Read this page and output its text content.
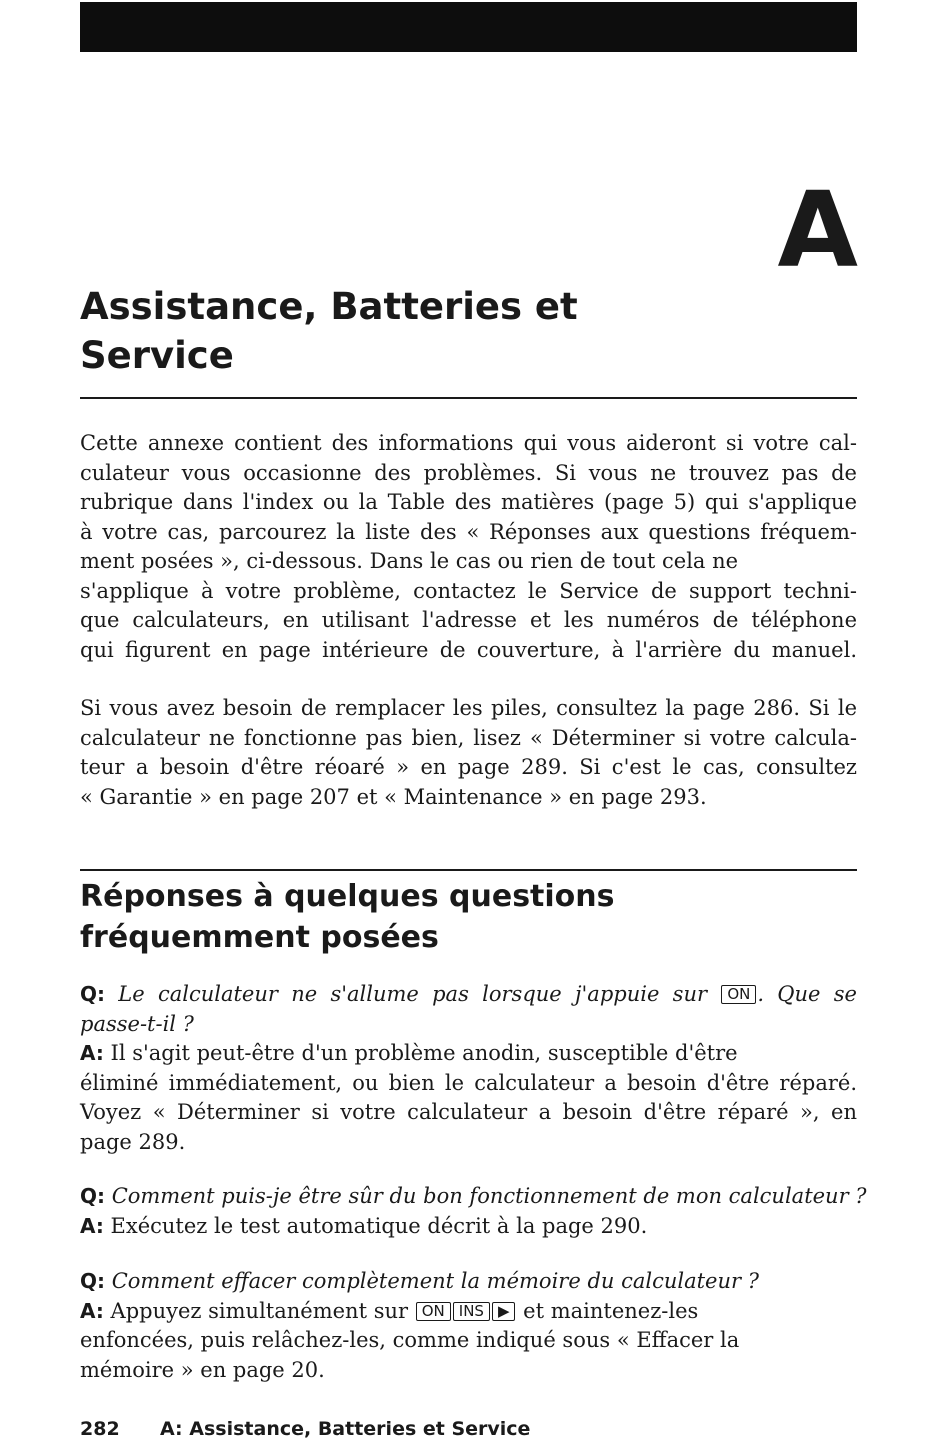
A
Assistance, Batteries et
Service

Cette annexe contient des informations qui vous aideront si votre cal-
culateur vous occasionne des problèmes. Si vous ne trouvez pas de
rubrique dans l'index ou la Table des matières (page 5) qui s'applique
à votre cas, parcourez la liste des « Réponses aux questions fréquem-
ment posées », ci-dessous. Dans le cas ou rien de tout cela ne
s'applique à votre problème, contactez le Service de support techni-
que calculateurs, en utilisant l'adresse et les numéros de téléphone
qui figurent en page intérieure de couverture, à l'arrière du manuel.

Si vous avez besoin de remplacer les piles, consultez la page 286. Si le
calculateur ne fonctionne pas bien, lisez « Déterminer si votre calcula-
teur a besoin d'être réoaré » en page 289. Si c'est le cas, consultez
« Garantie » en page 207 et « Maintenance » en page 293.

Réponses à quelques questions
fréquemment posées
Q: Le calculateur ne s'allume pas lorsque j'appuie sur ON . Que se
passe-t-il ?
A: Il s'agit peut-être d'un problème anodin, susceptible d'être
éliminé immédiatement, ou bien le calculateur a besoin d'être réparé.
Voyez « Déterminer si votre calculateur a besoin d'être réparé », en
page 289.
Q: Comment puis-je être sûr du bon fonctionnement de mon calculateur ?
A: Exécutez le test automatique décrit à la page 290.
Q: Comment effacer complètement la mémoire du calculateur ?
A: Appuyez simultanément sur ON INS ▶ et maintenez-les
enfoncées, puis relâchez-les, comme indiqué sous « Effacer la
mémoire » en page 20.
282 A: Assistance, Batteries et Service
